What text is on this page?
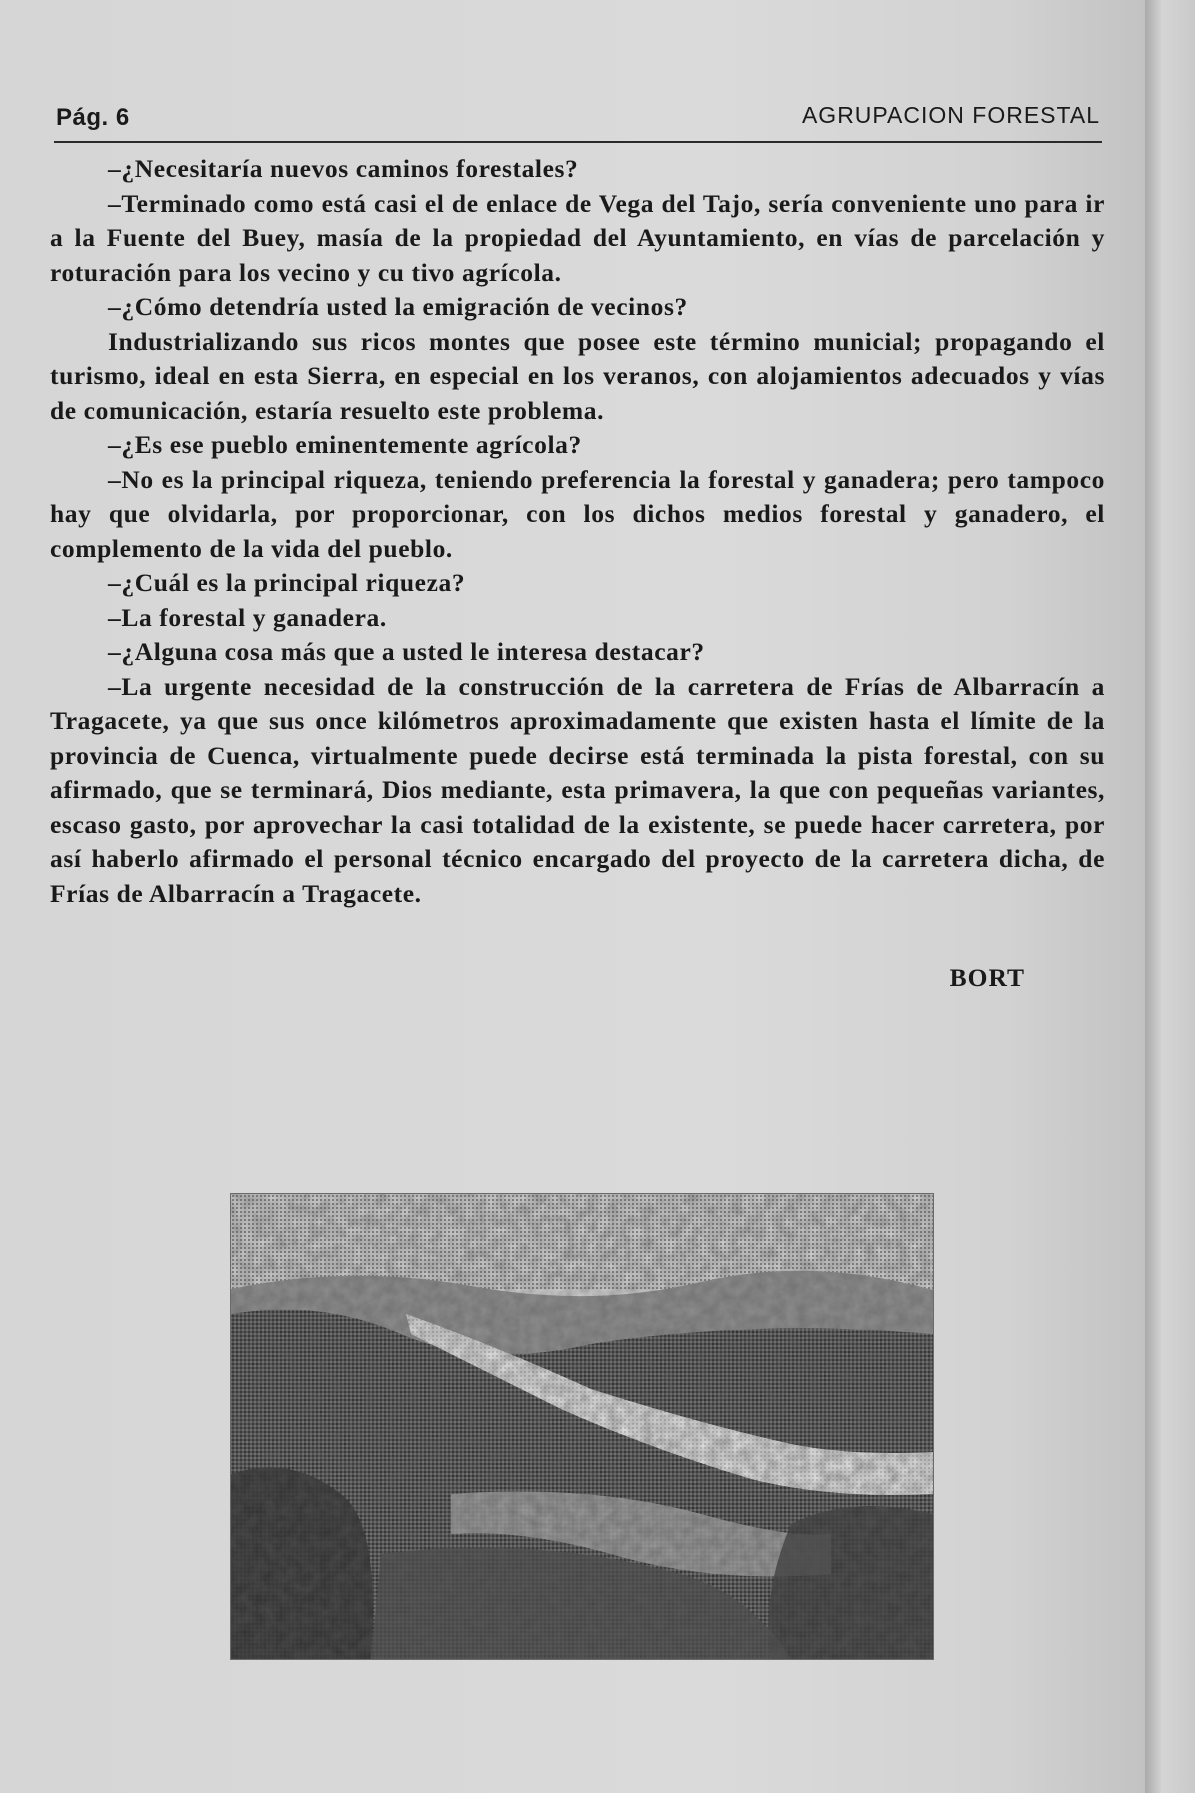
Pág. 6	AGRUPACION FORESTAL

–¿Necesitaría nuevos caminos forestales?

–Terminado como está casi el de enlace de Vega del Tajo, sería conveniente uno para ir a la Fuente del Buey, masía de la propiedad del Ayuntamiento, en vías de parcelación y roturación para los vecino y cu tivo agrícola.

–¿Cómo detendría usted la emigración de vecinos?

Industrializando sus ricos montes que posee este término municial; propagando el turismo, ideal en esta Sierra, en especial en los veranos, con alojamientos adecuados y vías de comunicación, estaría resuelto este problema.

–¿Es ese pueblo eminentemente agrícola?

–No es la principal riqueza, teniendo preferencia la forestal y ganadera; pero tampoco hay que olvidarla, por proporcionar, con los dichos medios forestal y ganadero, el complemento de la vida del pueblo.

–¿Cuál es la principal riqueza?

–La forestal y ganadera.

–¿Alguna cosa más que a usted le interesa destacar?

–La urgente necesidad de la construcción de la carretera de Frías de Albarracín a Tragacete, ya que sus once kilómetros aproximadamente que existen hasta el límite de la provincia de Cuenca, virtualmente puede decirse está terminada la pista forestal, con su afirmado, que se terminará, Dios mediante, esta primavera, la que con pequeñas variantes, escaso gasto, por aprovechar la casi totalidad de la existente, se puede hacer carretera, por así haberlo afirmado el personal técnico encargado del proyecto de la carretera dicha, de Frías de Albarracín a Tragacete.

BORT
